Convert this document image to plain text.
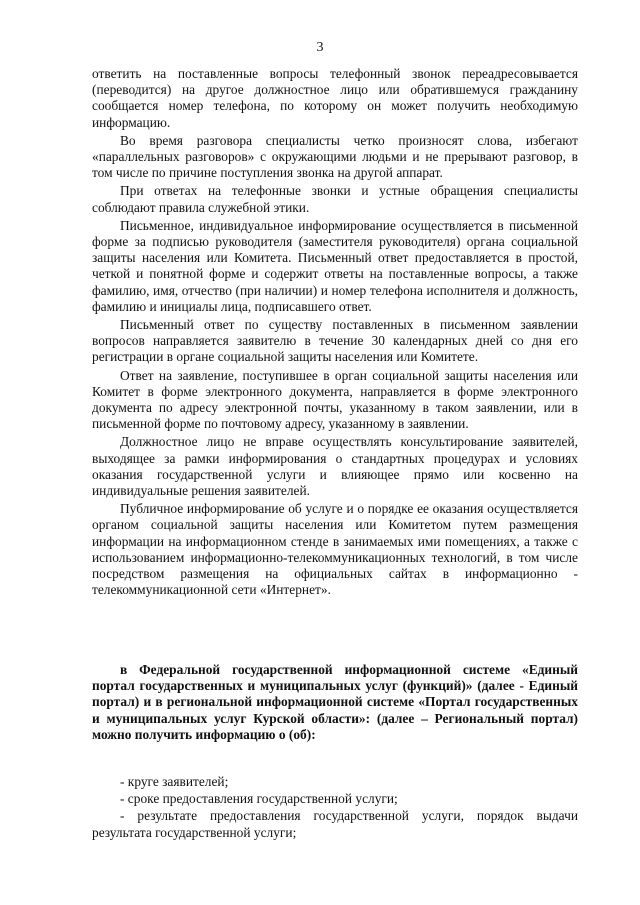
3

ответить на поставленные вопросы телефонный звонок переадресовывается (переводится) на другое должностное лицо или обратившемуся гражданину сообщается номер телефона, по которому он может получить необходимую информацию.

Во время разговора специалисты четко произносят слова, избегают «параллельных разговоров» с окружающими людьми и не прерывают разговор, в том числе по причине поступления звонка на другой аппарат.

При ответах на телефонные звонки и устные обращения специалисты соблюдают правила служебной этики.

Письменное, индивидуальное информирование осуществляется в письменной форме за подписью руководителя (заместителя руководителя) органа социальной защиты населения или Комитета. Письменный ответ предоставляется в простой, четкой и понятной форме и содержит ответы на поставленные вопросы, а также фамилию, имя, отчество (при наличии) и номер телефона исполнителя и должность, фамилию и инициалы лица, подписавшего ответ.

Письменный ответ по существу поставленных в письменном заявлении вопросов направляется заявителю в течение 30 календарных дней со дня его регистрации в органе социальной защиты населения или Комитете.

Ответ на заявление, поступившее в орган социальной защиты населения или Комитет в форме электронного документа, направляется в форме электронного документа по адресу электронной почты, указанному в таком заявлении, или в письменной форме по почтовому адресу, указанному в заявлении.

Должностное лицо не вправе осуществлять консультирование заявителей, выходящее за рамки информирования о стандартных процедурах и условиях оказания государственной услуги и влияющее прямо или косвенно на индивидуальные решения заявителей.

Публичное информирование об услуге и о порядке ее оказания осуществляется органом социальной защиты населения или Комитетом путем размещения информации на информационном стенде в занимаемых ими помещениях, а также с использованием информационно-телекоммуникационных технологий, в том числе посредством размещения на официальных сайтах в информационно - телекоммуникационной сети «Интернет».

в Федеральной государственной информационной системе «Единый портал государственных и муниципальных услуг (функций)» (далее - Единый портал) и в региональной информационной системе «Портал государственных и муниципальных услуг Курской области»: (далее – Региональный портал) можно получить информацию о (об):

- круге заявителей;
- сроке предоставления государственной услуги;
- результате предоставления государственной услуги, порядок выдачи результата государственной услуги;
